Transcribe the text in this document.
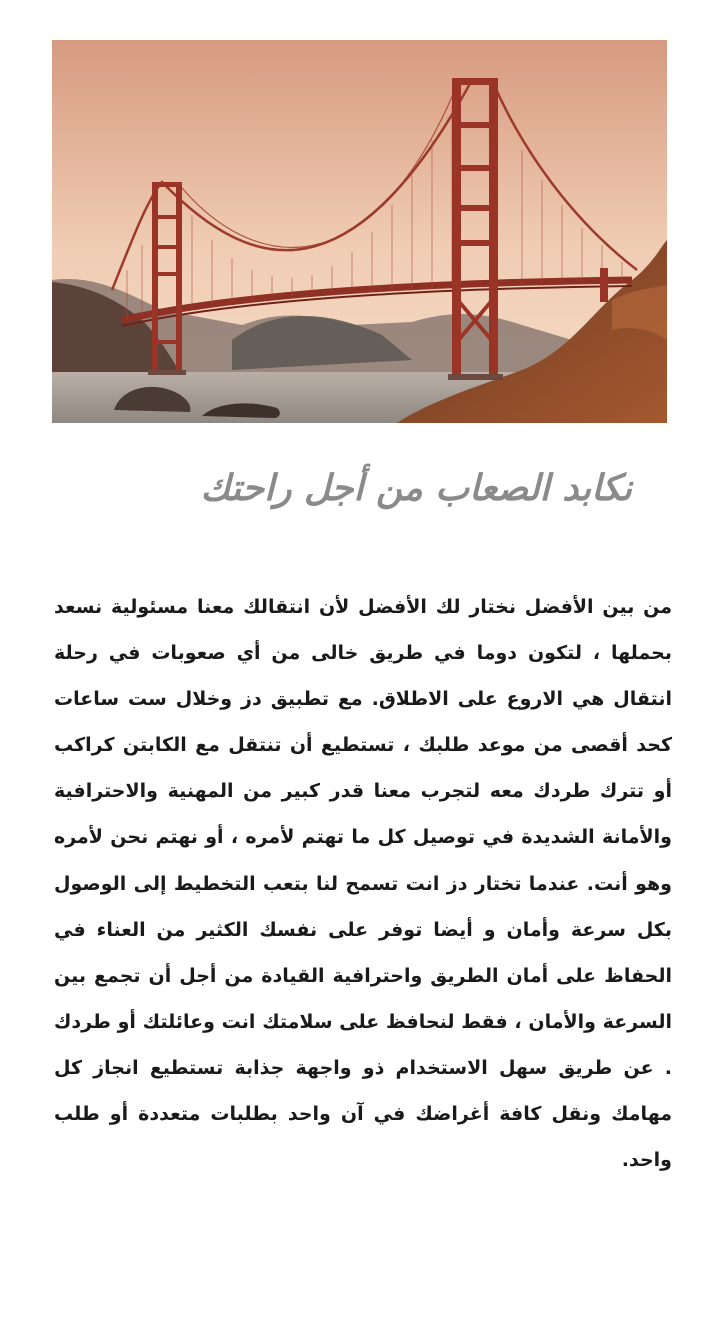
نكابد الصعاب من أجل راحتك

من بين الأفضل نختار لك الأفضل لأن انتقالك معنا مسئولية نسعد بحملها ، لتكون دوما في طريق خالى من أي صعوبات في رحلة انتقال هي الاروع على الاطلاق. مع تطبيق دز وخلال ست ساعات كحد أقصى من موعد طلبك ، تستطيع أن تنتقل مع الكابتن كراكب أو تترك طردك معه لتجرب معنا قدر كبير من المهنية والاحترافية والأمانة الشديدة في توصيل كل ما تهتم لأمره ، أو نهتم نحن لأمره وهو أنت. عندما تختار دز انت تسمح لنا بتعب التخطيط إلى الوصول بكل سرعة وأمان و أيضا توفر على نفسك الكثير من العناء في الحفاظ على أمان الطريق واحترافية القيادة من أجل أن تجمع بين السرعة والأمان ، فقط لنحافظ على سلامتك انت وعائلتك أو طردك . عن طريق سهل الاستخدام ذو واجهة جذابة تستطيع انجاز كل مهامك ونقل كافة أغراضك في آن واحد بطلبات متعددة أو طلب واحد.
